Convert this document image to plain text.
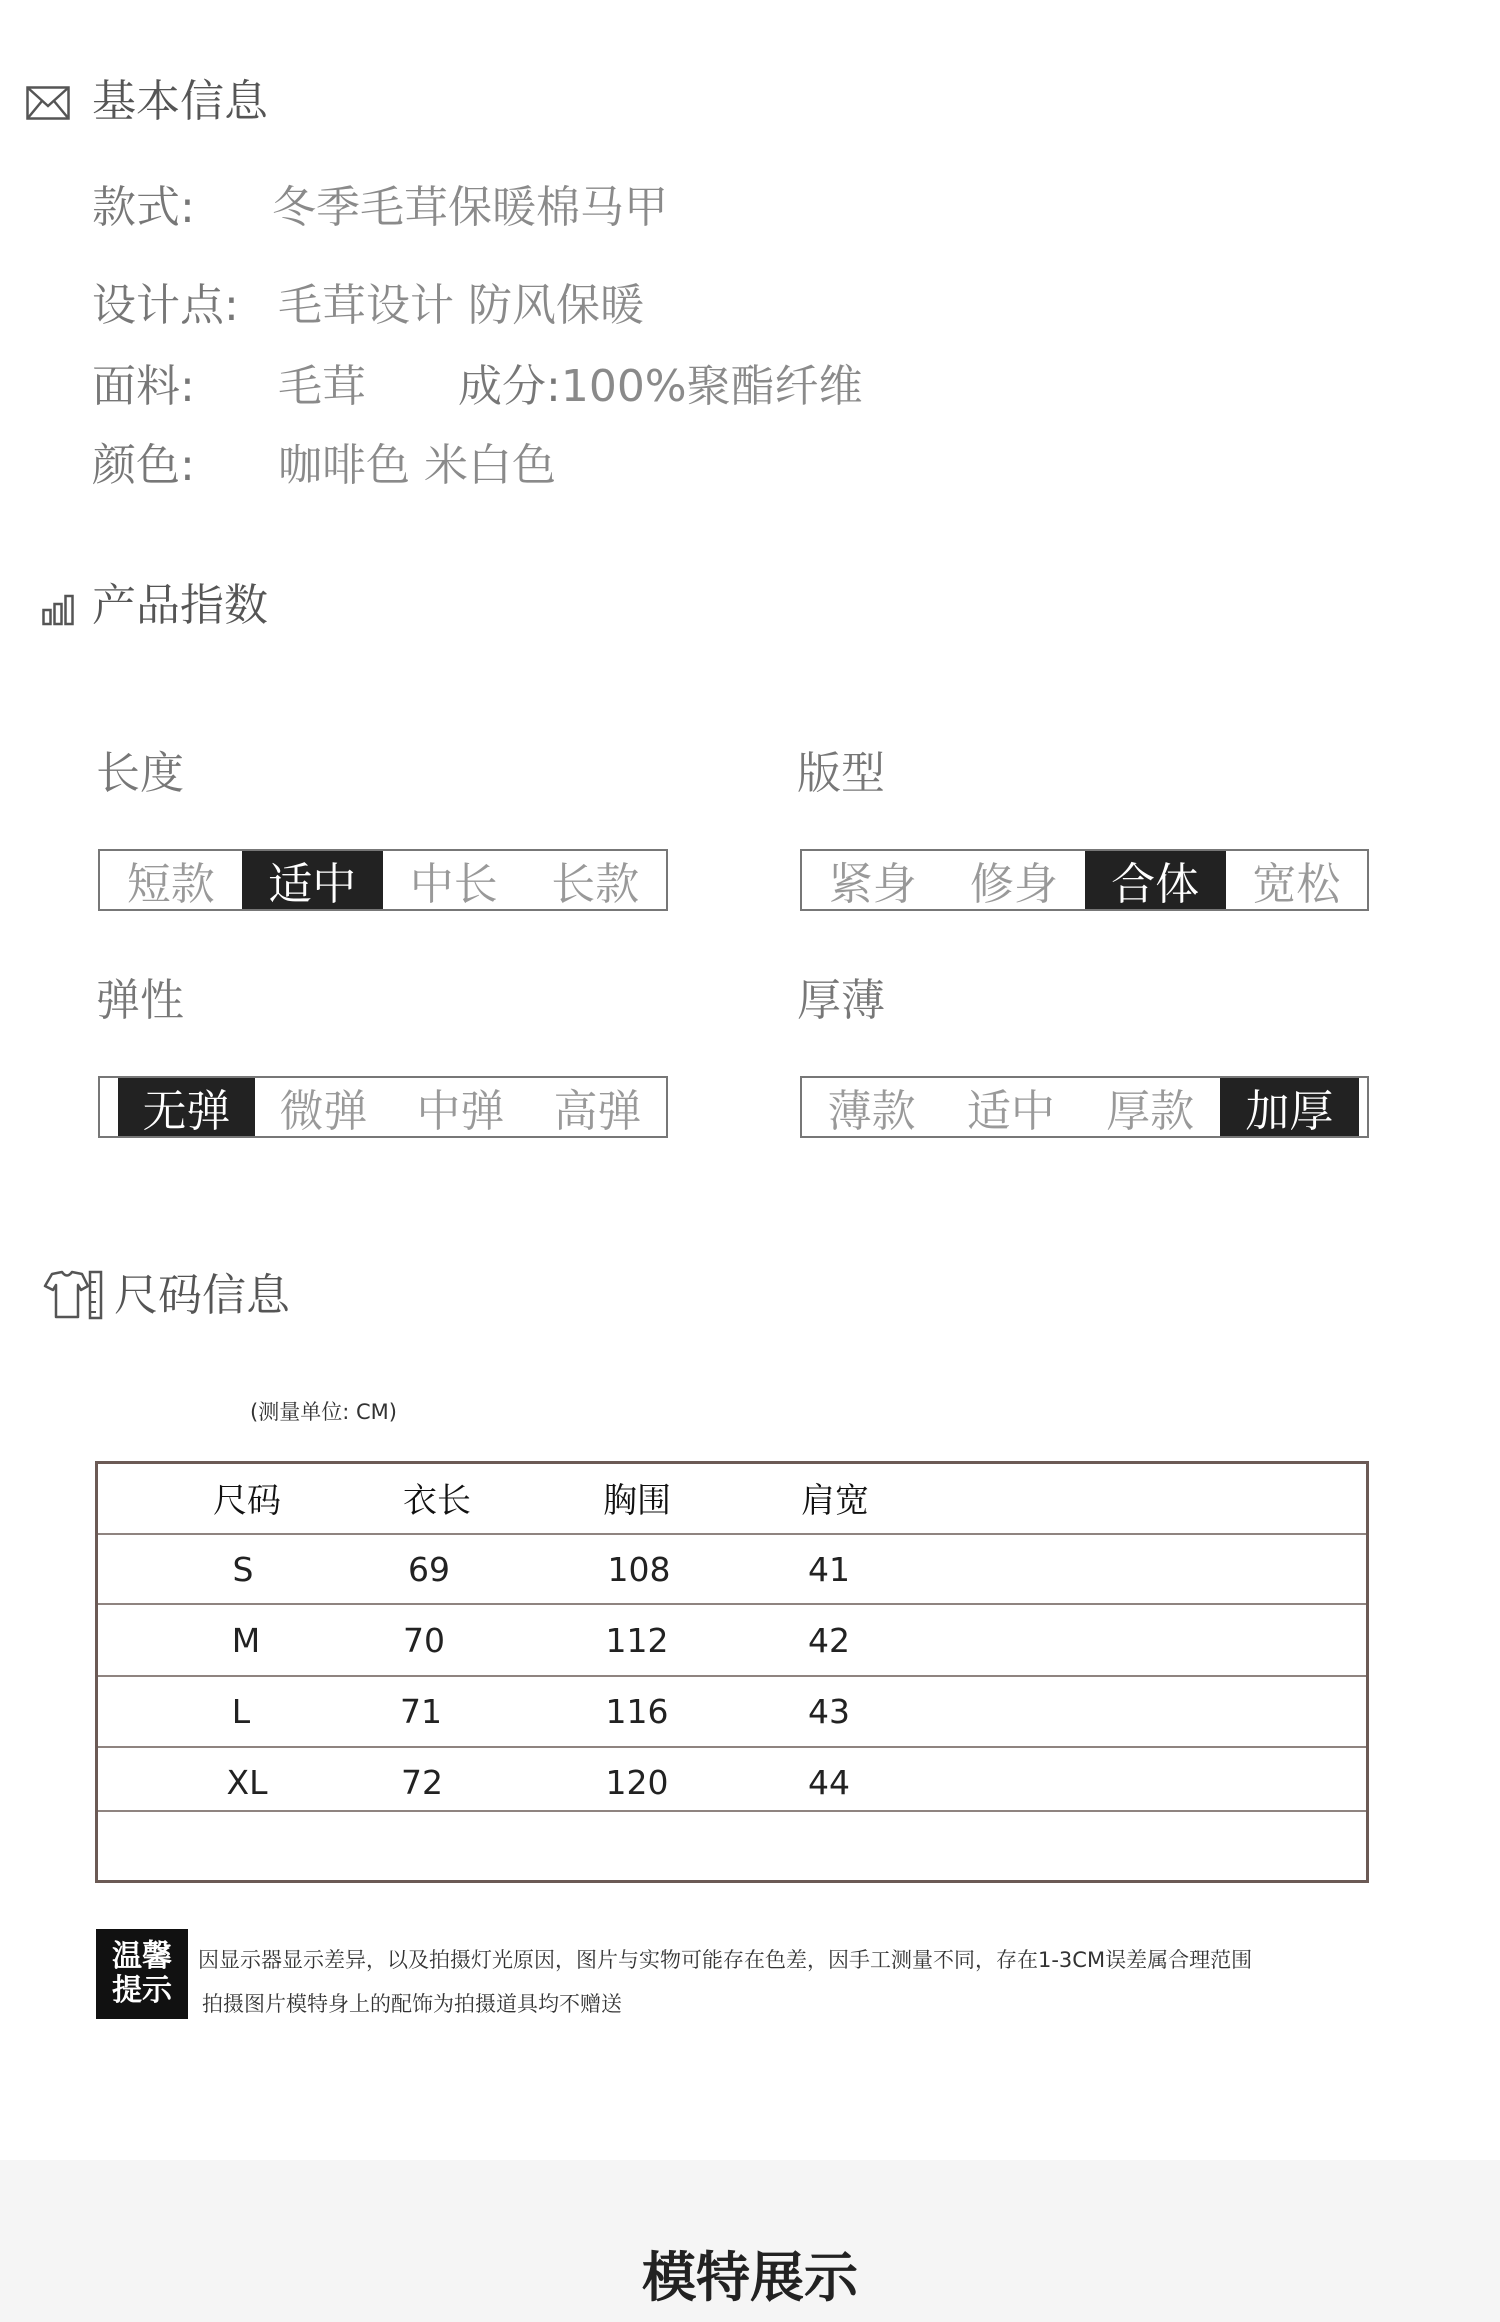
基本信息
款式: 冬季毛茸保暖棉马甲
设计点: 毛茸设计 防风保暖
面料: 毛茸 成分:100%聚酯纤维
颜色: 咖啡色 米白色
产品指数
长度
短款	适中	中长	长款
版型
紧身	修身	合体	宽松
弹性
无弹	微弹	中弹	高弹
厚薄
薄款	适中	厚款	加厚
尺码信息
(测量单位: CM)
尺码	衣长	胸围	肩宽
S	69	108	41
M	70	112	42
L	71	116	43
XL	72	120	44
温馨
提示
因显示器显示差异，以及拍摄灯光原因，图片与实物可能存在色差，因手工测量不同，存在1-3CM误差属合理范围
拍摄图片模特身上的配饰为拍摄道具均不赠送
模特展示
